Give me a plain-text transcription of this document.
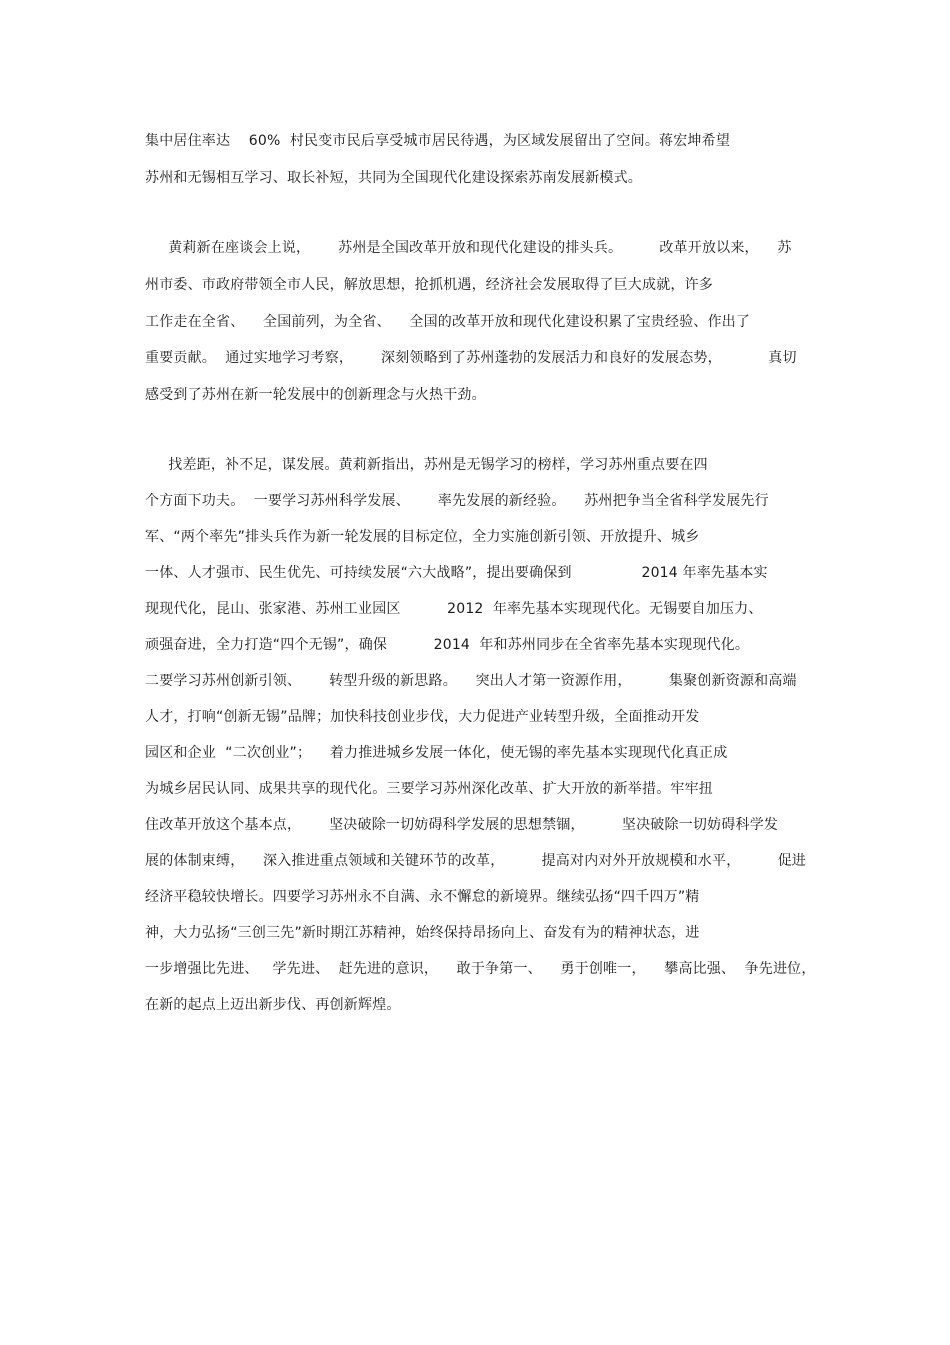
集中居住率达    60%  村民变市民后享受城市居民待遇，为区域发展留出了空间。蒋宏坤希望
苏州和无锡相互学习、取长补短，共同为全国现代化建设探索苏南发展新模式。
黄莉新在座谈会上说，      苏州是全国改革开放和现代化建设的排头兵。        改革开放以来，    苏
州市委、市政府带领全市人民，解放思想，抢抓机遇，经济社会发展取得了巨大成就，许多
工作走在全省、    全国前列，为全省、    全国的改革开放和现代化建设积累了宝贵经验、作出了
重要贡献。  通过实地学习考察，      深刻领略到了苏州蓬勃的发展活力和良好的发展态势，          真切
感受到了苏州在新一轮发展中的创新理念与火热干劲。
找差距，补不足，谋发展。黄莉新指出，苏州是无锡学习的榜样，学习苏州重点要在四
个方面下功夫。  一要学习苏州科学发展、      率先发展的新经验。    苏州把争当全省科学发展先行
军、“两个率先”排头兵作为新一轮发展的目标定位，全力实施创新引领、开放提升、城乡
一体、人才强市、民生优先、可持续发展“六大战略”，提出要确保到               2014 年率先基本实
现现代化，昆山、张家港、苏州工业园区          2012  年率先基本实现现代化。无锡要自加压力、
顽强奋进，全力打造“四个无锡”，确保          2014  年和苏州同步在全省率先基本实现现代化。
二要学习苏州创新引领、      转型升级的新思路。    突出人才第一资源作用，        集聚创新资源和高端
人才，打响“创新无锡”品牌；加快科技创业步伐，大力促进产业转型升级，全面推动开发
园区和企业  “二次创业”；    着力推进城乡发展一体化，使无锡的率先基本实现现代化真正成
为城乡居民认同、成果共享的现代化。三要学习苏州深化改革、扩大开放的新举措。牢牢扭
住改革开放这个基本点，      坚决破除一切妨碍科学发展的思想禁锢，        坚决破除一切妨碍科学发
展的体制束缚，    深入推进重点领域和关键环节的改革，        提高对内对外开放规模和水平，        促进
经济平稳较快增长。四要学习苏州永不自满、永不懈怠的新境界。继续弘扬“四千四万”精
神，大力弘扬“三创三先”新时期江苏精神，始终保持昂扬向上、奋发有为的精神状态，进
一步增强比先进、   学先进、  赶先进的意识，    敢于争第一、    勇于创唯一，    攀高比强、  争先进位，
在新的起点上迈出新步伐、再创新辉煌。
